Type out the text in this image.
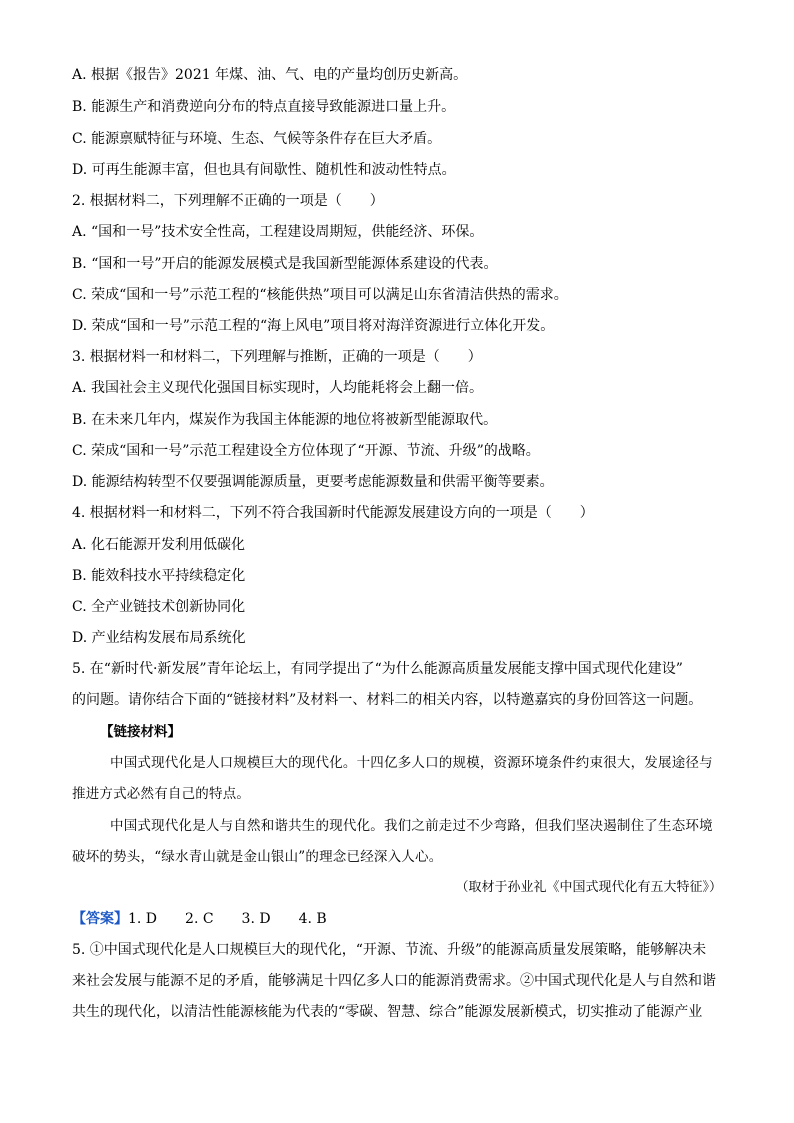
A. 根据《报告》2021 年煤、油、气、电的产量均创历史新高。
B. 能源生产和消费逆向分布的特点直接导致能源进口量上升。
C. 能源禀赋特征与环境、生态、气候等条件存在巨大矛盾。
D. 可再生能源丰富，但也具有间歇性、随机性和波动性特点。
2. 根据材料二，下列理解不正确的一项是（　　）
A. “国和一号”技术安全性高，工程建设周期短，供能经济、环保。
B. “国和一号”开启的能源发展模式是我国新型能源体系建设的代表。
C. 荣成“国和一号”示范工程的“核能供热”项目可以满足山东省清洁供热的需求。
D. 荣成“国和一号”示范工程的“海上风电”项目将对海洋资源进行立体化开发。
3. 根据材料一和材料二，下列理解与推断，正确的一项是（　　）
A. 我国社会主义现代化强国目标实现时，人均能耗将会上翻一倍。
B. 在未来几年内，煤炭作为我国主体能源的地位将被新型能源取代。
C. 荣成“国和一号”示范工程建设全方位体现了“开源、节流、升级”的战略。
D. 能源结构转型不仅要强调能源质量，更要考虑能源数量和供需平衡等要素。
4. 根据材料一和材料二，下列不符合我国新时代能源发展建设方向的一项是（　　）
A. 化石能源开发利用低碳化
B. 能效科技水平持续稳定化
C. 全产业链技术创新协同化
D. 产业结构发展布局系统化
5. 在“新时代·新发展”青年论坛上，有同学提出了“为什么能源高质量发展能支撑中国式现代化建设”
的问题。请你结合下面的“链接材料”及材料一、材料二的相关内容，以特邀嘉宾的身份回答这一问题。
【链接材料】
中国式现代化是人口规模巨大的现代化。十四亿多人口的规模，资源环境条件约束很大，发展途径与
推进方式必然有自己的特点。
中国式现代化是人与自然和谐共生的现代化。我们之前走过不少弯路，但我们坚决遏制住了生态环境
破坏的势头，“绿水青山就是金山银山”的理念已经深入人心。
（取材于孙业礼《中国式现代化有五大特征》）
【答案】1. D　　2. C　　3. D　　4. B
5. ①中国式现代化是人口规模巨大的现代化，“开源、节流、升级”的能源高质量发展策略，能够解决未
来社会发展与能源不足的矛盾，能够满足十四亿多人口的能源消费需求。②中国式现代化是人与自然和谐
共生的现代化，以清洁性能源核能为代表的“零碳、智慧、综合”能源发展新模式，切实推动了能源产业
